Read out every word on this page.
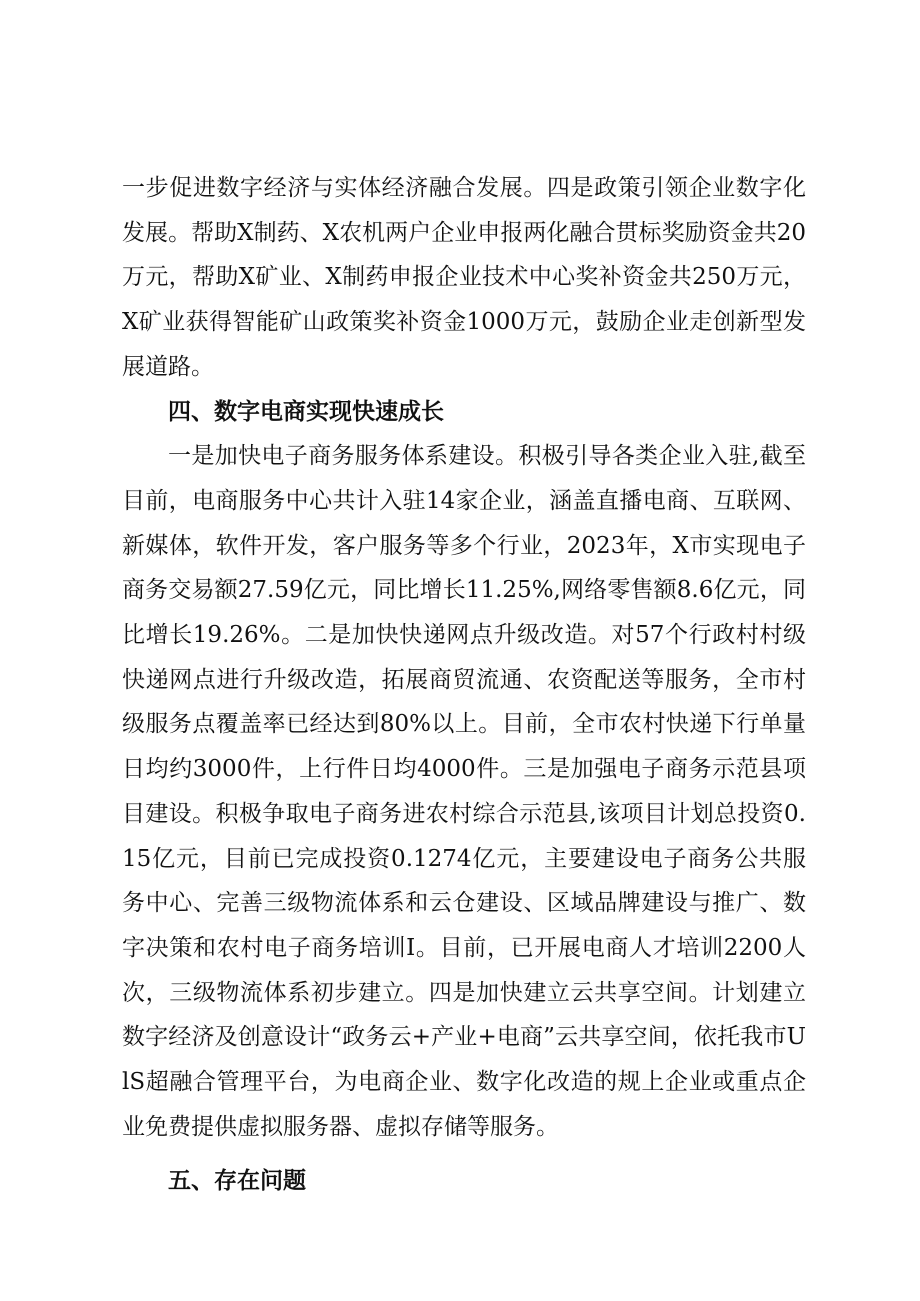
一步促进数字经济与实体经济融合发展。四是政策引领企业数字化发展。帮助X制药、X农机两户企业申报两化融合贯标奖励资金共20万元，帮助X矿业、X制药申报企业技术中心奖补资金共250万元，X矿业获得智能矿山政策奖补资金1000万元，鼓励企业走创新型发展道路。

四、数字电商实现快速成长

一是加快电子商务服务体系建设。积极引导各类企业入驻,截至目前，电商服务中心共计入驻14家企业，涵盖直播电商、互联网、新媒体，软件开发，客户服务等多个行业，2023年，X市实现电子商务交易额27.59亿元，同比增长11.25%,网络零售额8.6亿元，同比增长19.26%。二是加快快递网点升级改造。对57个行政村村级快递网点进行升级改造，拓展商贸流通、农资配送等服务，全市村级服务点覆盖率已经达到80%以上。目前，全市农村快递下行单量日均约3000件，上行件日均4000件。三是加强电子商务示范县项目建设。积极争取电子商务进农村综合示范县,该项目计划总投资0.15亿元，目前已完成投资0.1274亿元，主要建设电子商务公共服务中心、完善三级物流体系和云仓建设、区域品牌建设与推广、数字决策和农村电子商务培训I。目前，已开展电商人才培训2200人次，三级物流体系初步建立。四是加快建立云共享空间。计划建立数字经济及创意设计“政务云+产业+电商”云共享空间，依托我市UlS超融合管理平台，为电商企业、数字化改造的规上企业或重点企业免费提供虚拟服务器、虚拟存储等服务。

五、存在问题
